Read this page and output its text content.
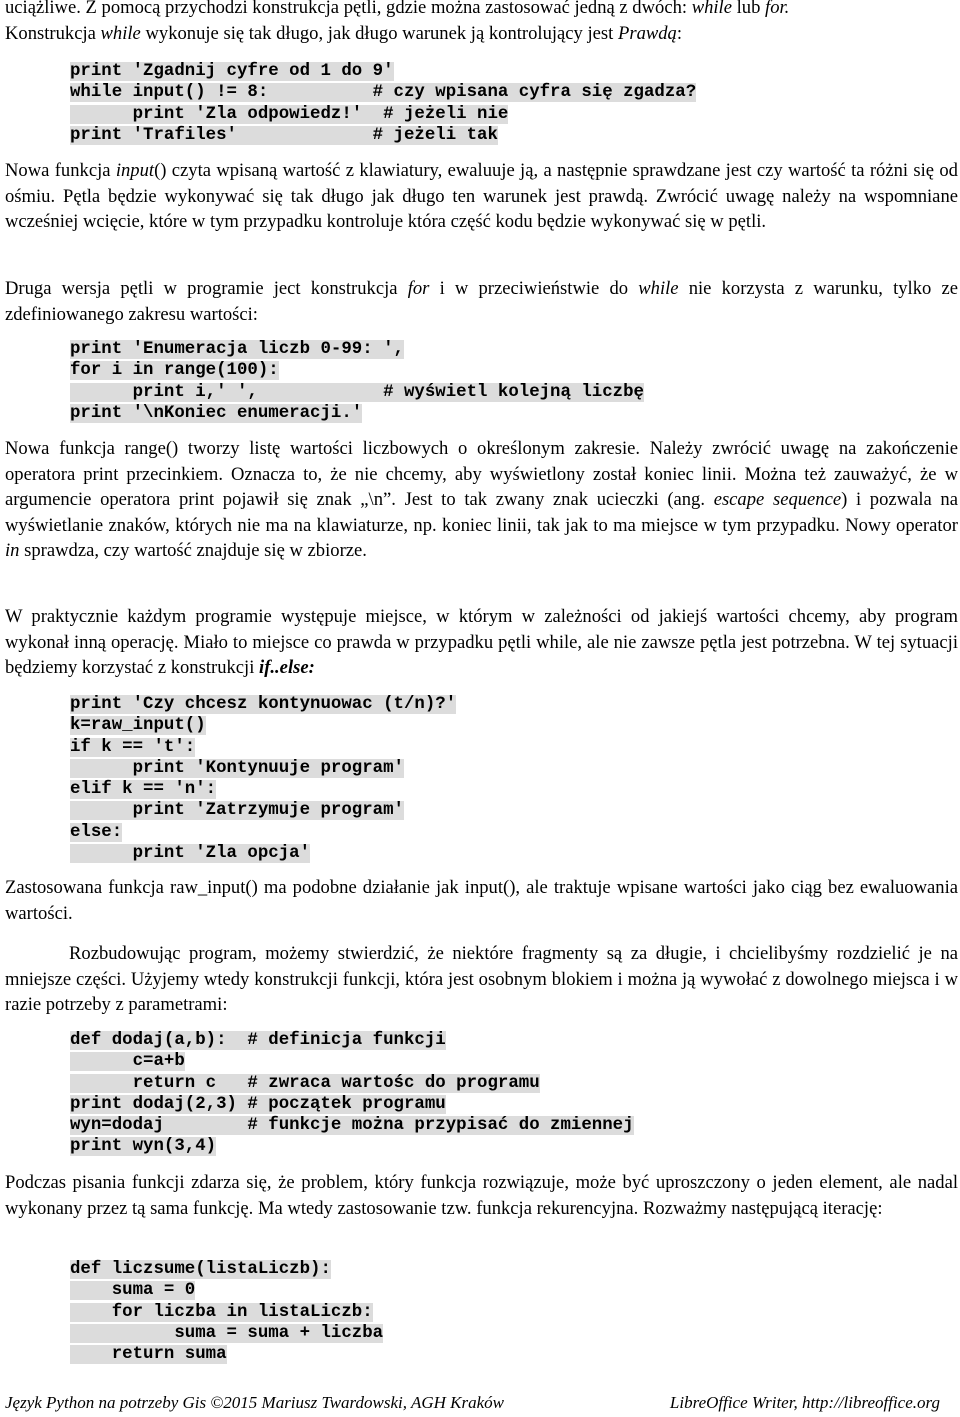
uciążliwe. Z pomocą przychodzi konstrukcja pętli, gdzie można zastosować jedną z dwóch: while lub for.
Konstrukcja while wykonuje się tak długo, jak długo warunek ją kontrolujący jest Prawdą:

print 'Zgadnij cyfre od 1 do 9'
while input() != 8:          # czy wpisana cyfra się zgadza?
print 'Zla odpowiedz!'  # jeżeli nie
print 'Trafiles'             # jeżeli tak

Nowa funkcja input() czyta wpisaną wartość z klawiatury, ewaluuje ją, a następnie sprawdzane jest czy wartość ta różni się od ośmiu. Pętla będzie wykonywać się tak długo jak długo ten warunek jest prawdą. Zwrócić uwagę należy na wspomniane wcześniej wcięcie, które w tym przypadku kontroluje która część kodu będzie wykonywać się w pętli.

Druga wersja pętli w programie ject konstrukcja for i w przeciwieństwie do while nie korzysta z warunku, tylko ze zdefiniowanego zakresu wartości:

print 'Enumeracja liczb 0-99: ',
for i in range(100):
print i,' ',            # wyświetl kolejną liczbę
print '\nKoniec enumeracji.'

Nowa funkcja range() tworzy listę wartości liczbowych o określonym zakresie. Należy zwrócić uwagę na zakończenie operatora print przecinkiem. Oznacza to, że nie chcemy, aby wyświetlony został koniec linii. Można też zauważyć, że w argumencie operatora print pojawił się znak „\n”. Jest to tak zwany znak ucieczki (ang. escape sequence) i pozwala na wyświetlanie znaków, których nie ma na klawiaturze, np. koniec linii, tak jak to ma miejsce w tym przypadku. Nowy operator in sprawdza, czy wartość znajduje się w zbiorze.

W praktycznie każdym programie występuje miejsce, w którym w zależności od jakiejś wartości chcemy, aby program wykonał inną operację. Miało to miejsce co prawda w przypadku pętli while, ale nie zawsze pętla jest potrzebna. W tej sytuacji będziemy korzystać z konstrukcji if..else:

print 'Czy chcesz kontynuowac (t/n)?'
k=raw_input()
if k == 't':
print 'Kontynuuje program'
elif k == 'n':
print 'Zatrzymuje program'
else:
print 'Zla opcja'

Zastosowana funkcja raw_input() ma podobne działanie jak input(), ale traktuje wpisane wartości jako ciąg bez ewaluowania wartości.

Rozbudowując program, możemy stwierdzić, że niektóre fragmenty są za długie, i chcielibyśmy rozdzielić je na mniejsze części. Użyjemy wtedy konstrukcji funkcji, która jest osobnym blokiem i można ją wywołać z dowolnego miejsca i w razie potrzeby z parametrami:

def dodaj(a,b):  # definicja funkcji
c=a+b
return c   # zwraca wartośc do programu
print dodaj(2,3) # początek programu
wyn=dodaj        # funkcje można przypisać do zmiennej
print wyn(3,4)

Podczas pisania funkcji zdarza się, że problem, który funkcja rozwiązuje, może być uproszczony o jeden element, ale nadal wykonany przez tą sama funkcję. Ma wtedy zastosowanie tzw. funkcja rekurencyjna. Rozważmy następującą iterację:

def liczsume(listaLiczb):
suma = 0
for liczba in listaLiczb:
suma = suma + liczba
return suma
Język Python na potrzeby Gis ©2015 Mariusz Twardowski, AGH Kraków	LibreOffice Writer, http://libreoffice.org
